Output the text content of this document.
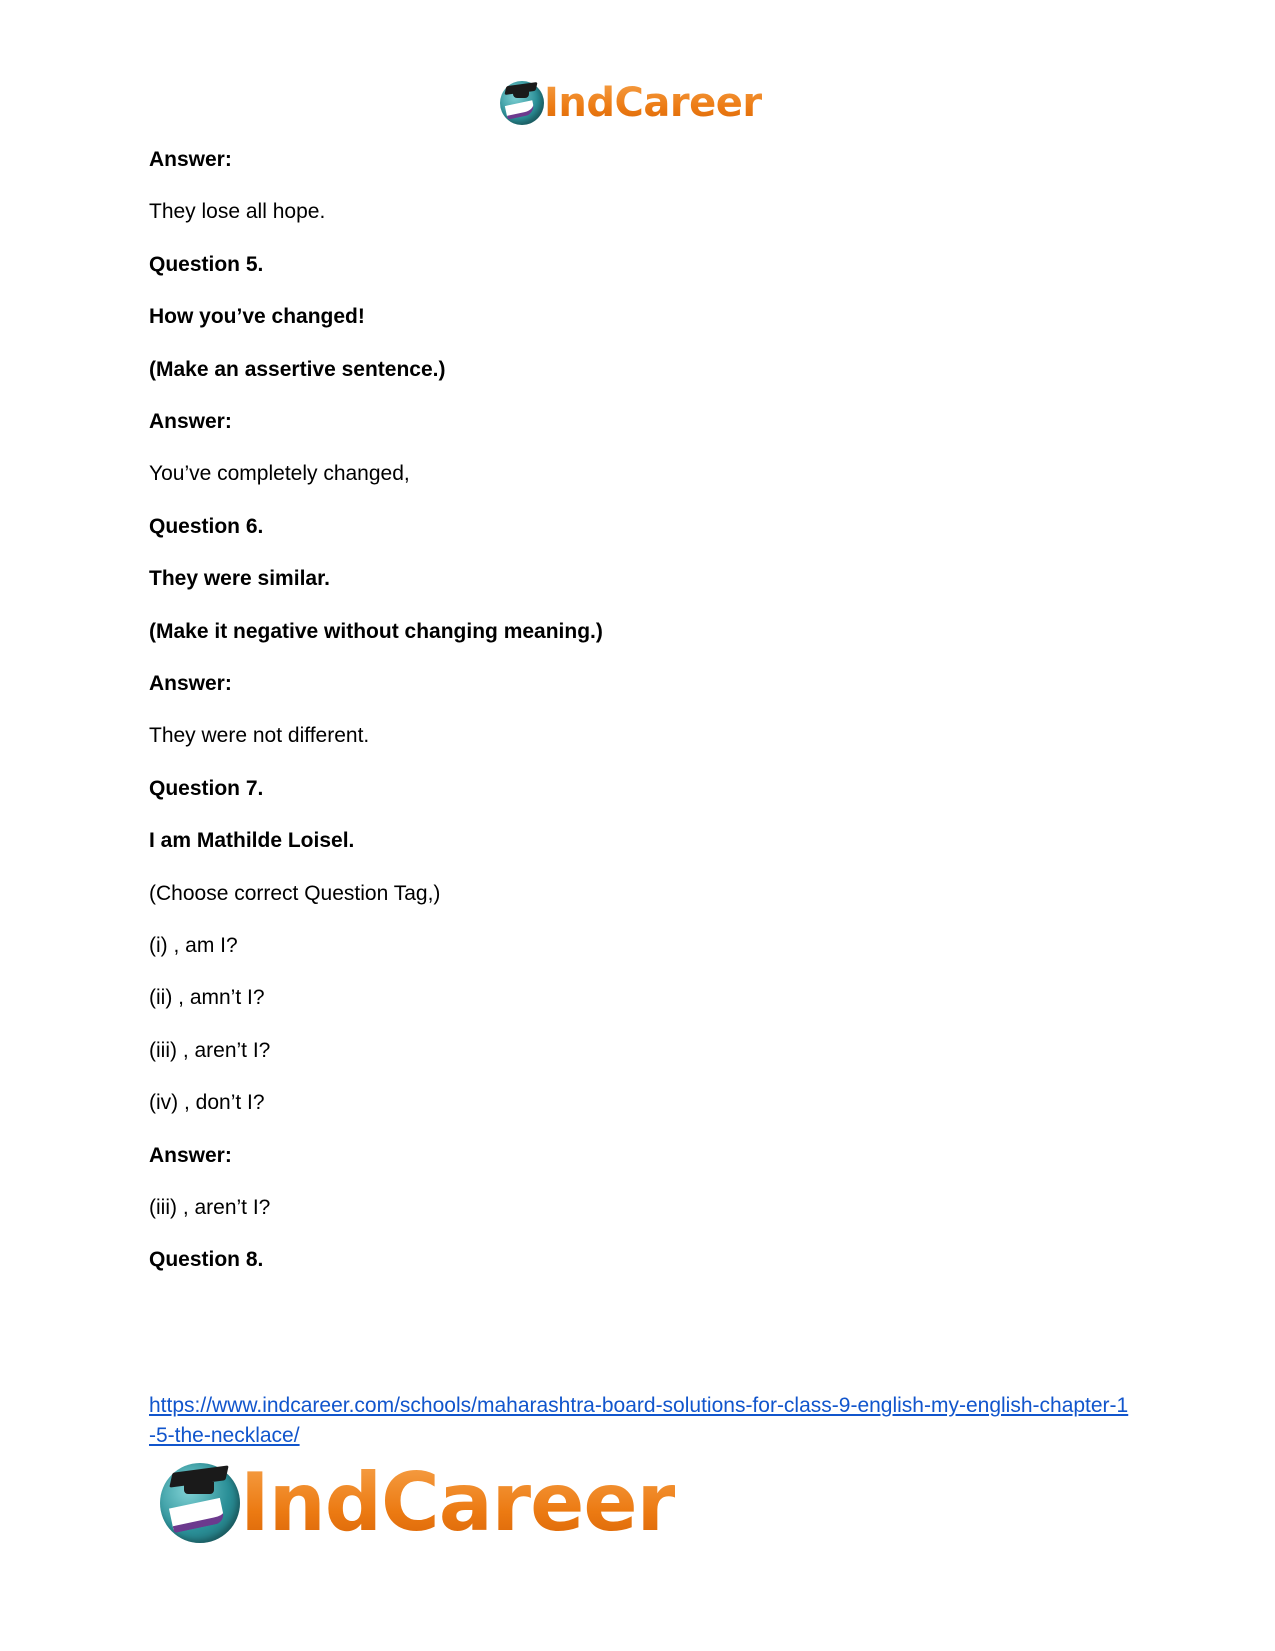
IndCareer
Answer:
They lose all hope.
Question 5.
How you’ve changed!
(Make an assertive sentence.)
Answer:
You’ve completely changed,
Question 6.
They were similar.
(Make it negative without changing meaning.)
Answer:
They were not different.
Question 7.
I am Mathilde Loisel.
(Choose correct Question Tag,)
(i) , am I?
(ii) , amn’t I?
(iii) , aren’t I?
(iv) , don’t I?
Answer:
(iii) , aren’t I?
Question 8.
https://www.indcareer.com/schools/maharashtra-board-solutions-for-class-9-english-my-english-chapter-1-5-the-necklace/
IndCareer
